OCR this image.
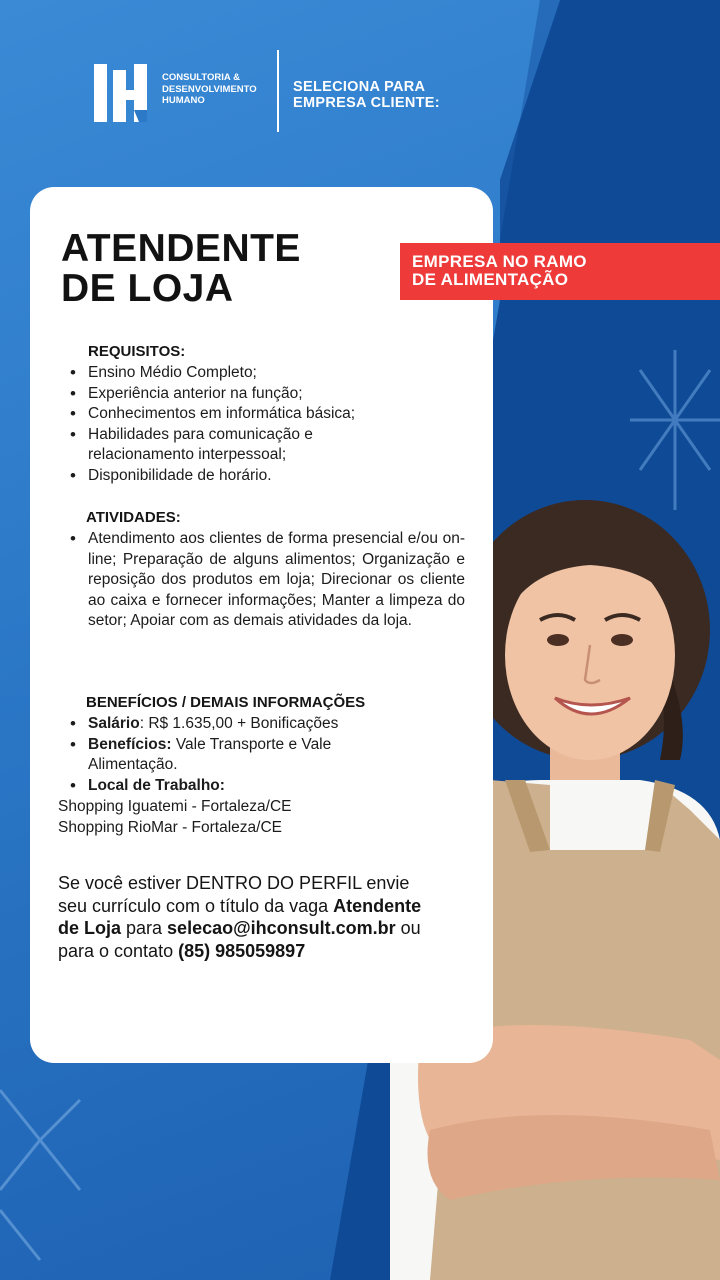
CONSULTORIA &
DESENVOLVIMENTO
HUMANO
SELECIONA PARA
EMPRESA CLIENTE:
ATENDENTE
DE LOJA
EMPRESA NO RAMO
DE ALIMENTAÇÃO
REQUISITOS:
• Ensino Médio Completo;
• Experiência anterior na função;
• Conhecimentos em informática básica;
• Habilidades para comunicação e relacionamento interpessoal;
• Disponibilidade de horário.
ATIVIDADES:
• Atendimento aos clientes de forma presencial e/ou on-line; Preparação de alguns alimentos; Organização e reposição dos produtos em loja; Direcionar os cliente ao caixa e fornecer informações; Manter a limpeza do setor; Apoiar com as demais atividades da loja.
BENEFÍCIOS / DEMAIS INFORMAÇÕES
• Salário: R$ 1.635,00 + Bonificações
• Benefícios: Vale Transporte e Vale Alimentação.
• Local de Trabalho:
Shopping Iguatemi - Fortaleza/CE
Shopping RioMar - Fortaleza/CE
Se você estiver DENTRO DO PERFIL envie seu currículo com o título da vaga Atendente de Loja para selecao@ihconsult.com.br ou para o contato (85) 985059897
